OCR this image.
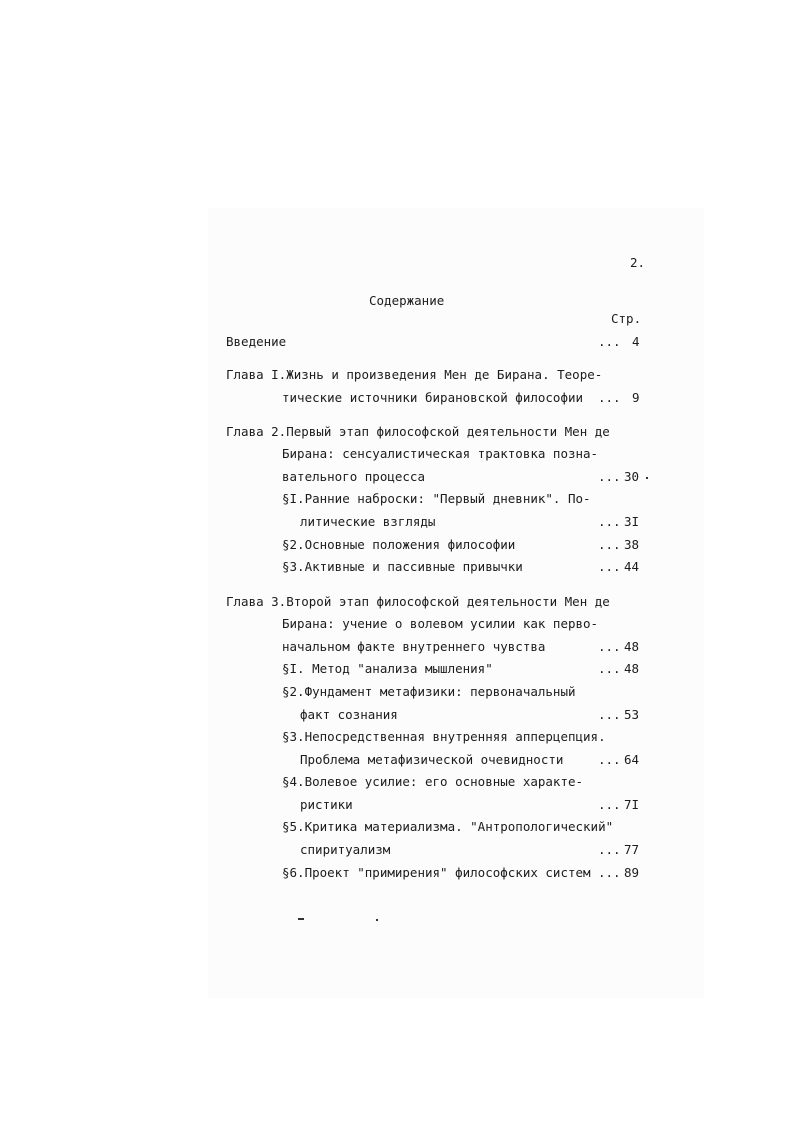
2.
Содержание
Стр.
Введение	... 4
Глава I.Жизнь и произведения Мен де Бирана. Теоре-
тические источники бирановской философии ... 9
Глава 2.Первый этап философской деятельности Мен де
Бирана: сенсуалистическая трактовка позна-
вательного процесса	... 30
§I.Ранние наброски: "Первый дневник". По-
литические взгляды	... 3I
§2.Основные положения философии	... 38
§3.Активные и пассивные привычки	... 44
Глава 3.Второй этап философской деятельности Мен де
Бирана: учение о волевом усилии как перво-
начальном факте внутреннего чувства	... 48
§I. Метод "анализа мышления"	... 48
§2.Фундамент метафизики: первоначальный
факт сознания	... 53
§3.Непосредственная внутренняя апперцепция.
Проблема метафизической очевидности	... 64
§4.Волевое усилие: его основные характе-
ристики	... 7I
§5.Критика материализма. "Антропологический"
спиритуализм	... 77
§6.Проект "примирения" философских систем ... 89
